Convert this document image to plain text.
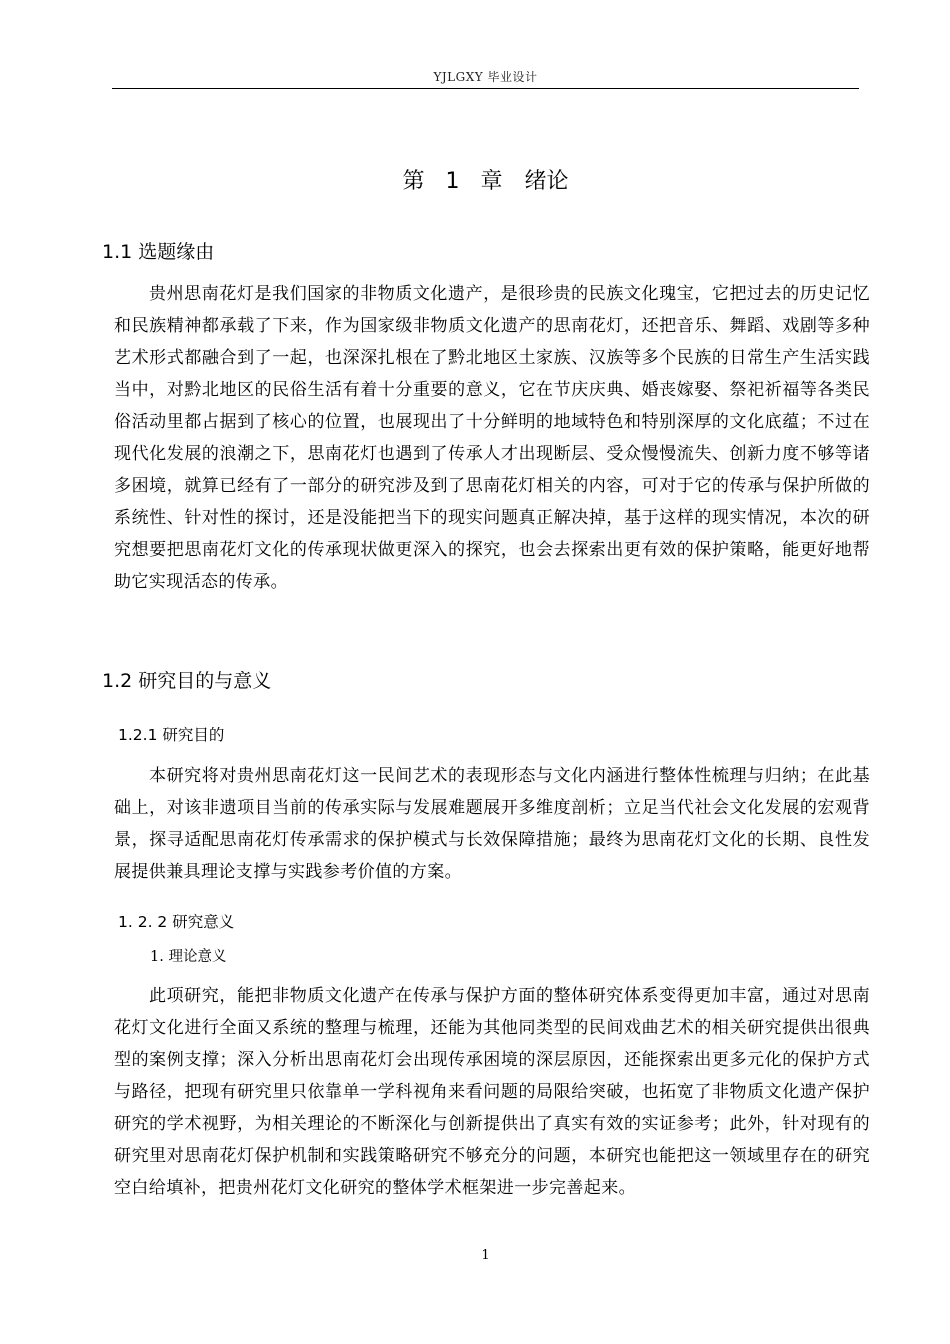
YJLGXY 毕业设计
第 1 章　绪论
1.1 选题缘由
贵州思南花灯是我们国家的非物质文化遗产，是很珍贵的民族文化瑰宝，它把过去的历史记忆和民族精神都承载了下来，作为国家级非物质文化遗产的思南花灯，还把音乐、舞蹈、戏剧等多种艺术形式都融合到了一起，也深深扎根在了黔北地区土家族、汉族等多个民族的日常生产生活实践当中，对黔北地区的民俗生活有着十分重要的意义，它在节庆庆典、婚丧嫁娶、祭祀祈福等各类民俗活动里都占据到了核心的位置，也展现出了十分鲜明的地域特色和特别深厚的文化底蕴；不过在现代化发展的浪潮之下，思南花灯也遇到了传承人才出现断层、受众慢慢流失、创新力度不够等诸多困境，就算已经有了一部分的研究涉及到了思南花灯相关的内容，可对于它的传承与保护所做的系统性、针对性的探讨，还是没能把当下的现实问题真正解决掉，基于这样的现实情况，本次的研究想要把思南花灯文化的传承现状做更深入的探究，也会去探索出更有效的保护策略，能更好地帮助它实现活态的传承。
1.2 研究目的与意义
1.2.1 研究目的
本研究将对贵州思南花灯这一民间艺术的表现形态与文化内涵进行整体性梳理与归纳；在此基础上，对该非遗项目当前的传承实际与发展难题展开多维度剖析；立足当代社会文化发展的宏观背景，探寻适配思南花灯传承需求的保护模式与长效保障措施；最终为思南花灯文化的长期、良性发展提供兼具理论支撑与实践参考价值的方案。
1. 2. 2 研究意义
1. 理论意义
此项研究，能把非物质文化遗产在传承与保护方面的整体研究体系变得更加丰富，通过对思南花灯文化进行全面又系统的整理与梳理，还能为其他同类型的民间戏曲艺术的相关研究提供出很典型的案例支撑；深入分析出思南花灯会出现传承困境的深层原因，还能探索出更多元化的保护方式与路径，把现有研究里只依靠单一学科视角来看问题的局限给突破，也拓宽了非物质文化遗产保护研究的学术视野，为相关理论的不断深化与创新提供出了真实有效的实证参考；此外，针对现有的研究里对思南花灯保护机制和实践策略研究不够充分的问题，本研究也能把这一领域里存在的研究空白给填补，把贵州花灯文化研究的整体学术框架进一步完善起来。
1
